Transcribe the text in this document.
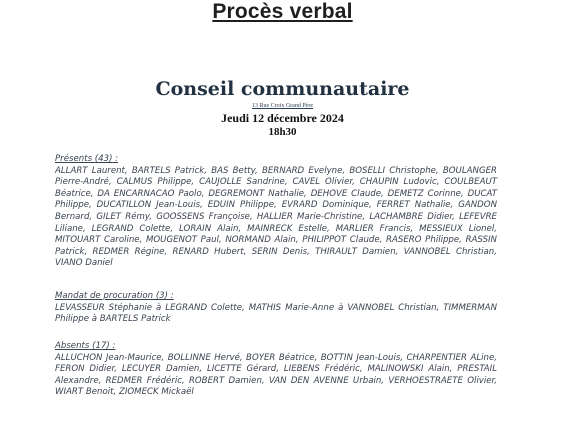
Procès verbal
Conseil communautaire
13 Rue Croix Grand Père
Jeudi 12 décembre 2024
18h30
Présents (43) :
ALLART Laurent, BARTELS Patrick, BAS Betty, BERNARD Evelyne, BOSELLI Christophe, BOULANGER Pierre-André, CALMUS Philippe, CAUJOLLE Sandrine, CAVEL Olivier, CHAUPIN Ludovic, COULBEAUT Béatrice, DA ENCARNACAO Paolo, DEGREMONT Nathalie, DEHOVE Claude, DEMETZ Corinne, DUCAT Philippe, DUCATILLON Jean-Louis, EDUIN Philippe, EVRARD Dominique, FERRET Nathalie, GANDON Bernard, GILET Rémy, GOOSSENS Françoise, HALLIER Marie-Christine, LACHAMBRE Didier, LEFEVRE Liliane, LEGRAND Colette, LORAIN Alain, MAINRECK Estelle, MARLIER Francis, MESSIEUX Lionel, MITOUART Caroline, MOUGENOT Paul, NORMAND Alain, PHILIPPOT Claude, RASERO Philippe, RASSIN Patrick, REDMER Régine, RENARD Hubert, SERIN Denis, THIRAULT Damien, VANNOBEL Christian, VIANO Daniel
Mandat de procuration (3) :
LEVASSEUR Stéphanie à LEGRAND Colette, MATHIS Marie-Anne à VANNOBEL Christian, TIMMERMAN Philippe à BARTELS Patrick
Absents (17) :
ALLUCHON Jean-Maurice, BOLLINNE Hervé, BOYER Béatrice, BOTTIN Jean-Louis, CHARPENTIER ALine, FERON Didier, LECUYER Damien, LICETTE Gérard, LIEBENS Frédéric, MALINOWSKI Alain, PRESTAIL Alexandre, REDMER Frédéric, ROBERT Damien, VAN DEN AVENNE Urbain, VERHOESTRAETE Olivier, WIART Benoit, ZIOMECK Mickaël
